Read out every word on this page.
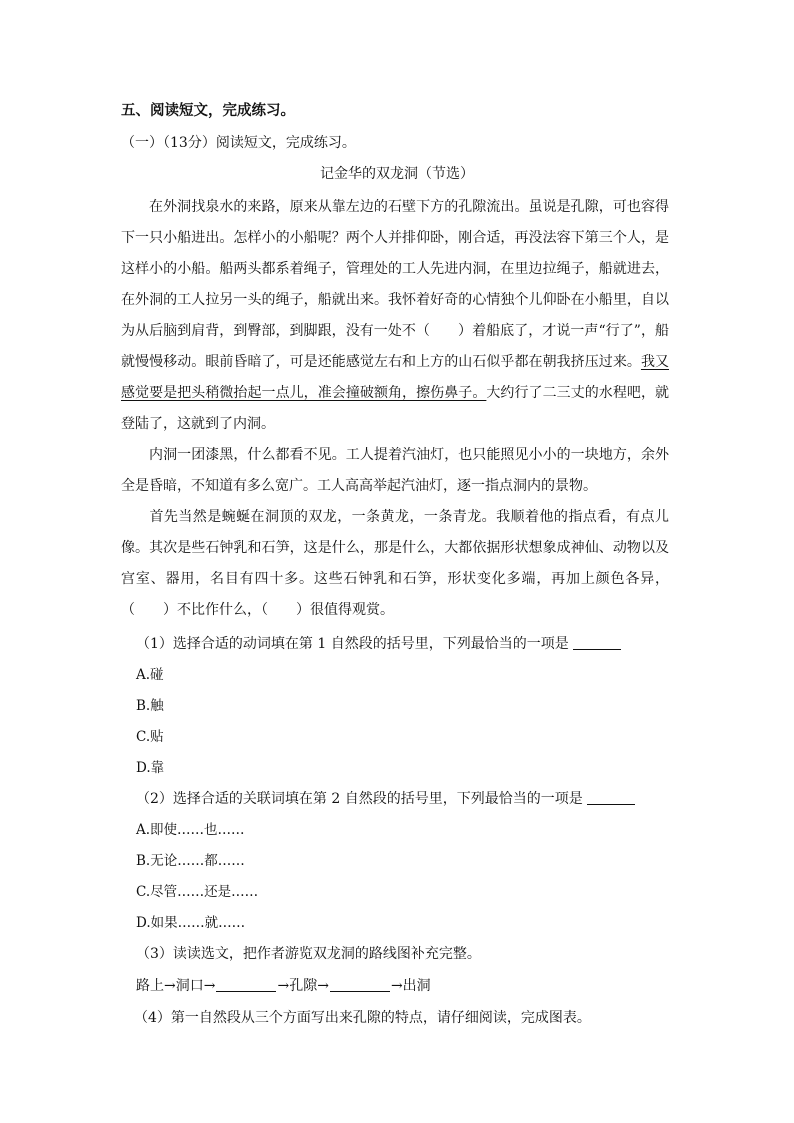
五、阅读短文，完成练习。
（一）（13分）阅读短文，完成练习。
记金华的双龙洞（节选）
在外洞找泉水的来路，原来从靠左边的石壁下方的孔隙流出。虽说是孔隙，可也容得下一只小船进出。怎样小的小船呢？两个人并排仰卧，刚合适，再没法容下第三个人，是这样小的小船。船两头都系着绳子，管理处的工人先进内洞，在里边拉绳子，船就进去，在外洞的工人拉另一头的绳子，船就出来。我怀着好奇的心情独个儿仰卧在小船里，自以为从后脑到肩背，到臀部，到脚跟，没有一处不（　　）着船底了，才说一声“行了”，船就慢慢移动。眼前昏暗了，可是还能感觉左右和上方的山石似乎都在朝我挤压过来。我又感觉要是把头稍微抬起一点儿，准会撞破额角，擦伤鼻子。大约行了二三丈的水程吧，就登陆了，这就到了内洞。
内洞一团漆黑，什么都看不见。工人提着汽油灯，也只能照见小小的一块地方，余外全是昏暗，不知道有多么宽广。工人高高举起汽油灯，逐一指点洞内的景物。
首先当然是蜿蜒在洞顶的双龙，一条黄龙，一条青龙。我顺着他的指点看，有点儿像。其次是些石钟乳和石笋，这是什么，那是什么，大都依据形状想象成神仙、动物以及宫室、器用，名目有四十多。这些石钟乳和石笋，形状变化多端，再加上颜色各异，（　　）不比作什么，（　　）很值得观赏。
（1）选择合适的动词填在第 1 自然段的括号里，下列最恰当的一项是
A.碰
B.触
C.贴
D.靠
（2）选择合适的关联词填在第 2 自然段的括号里，下列最恰当的一项是
A.即使……也……
B.无论……都……
C.尽管……还是……
D.如果……就……
（3）读读选文，把作者游览双龙洞的路线图补充完整。
路上→洞口→	→孔隙→	→出洞
（4）第一自然段从三个方面写出来孔隙的特点，请仔细阅读，完成图表。
